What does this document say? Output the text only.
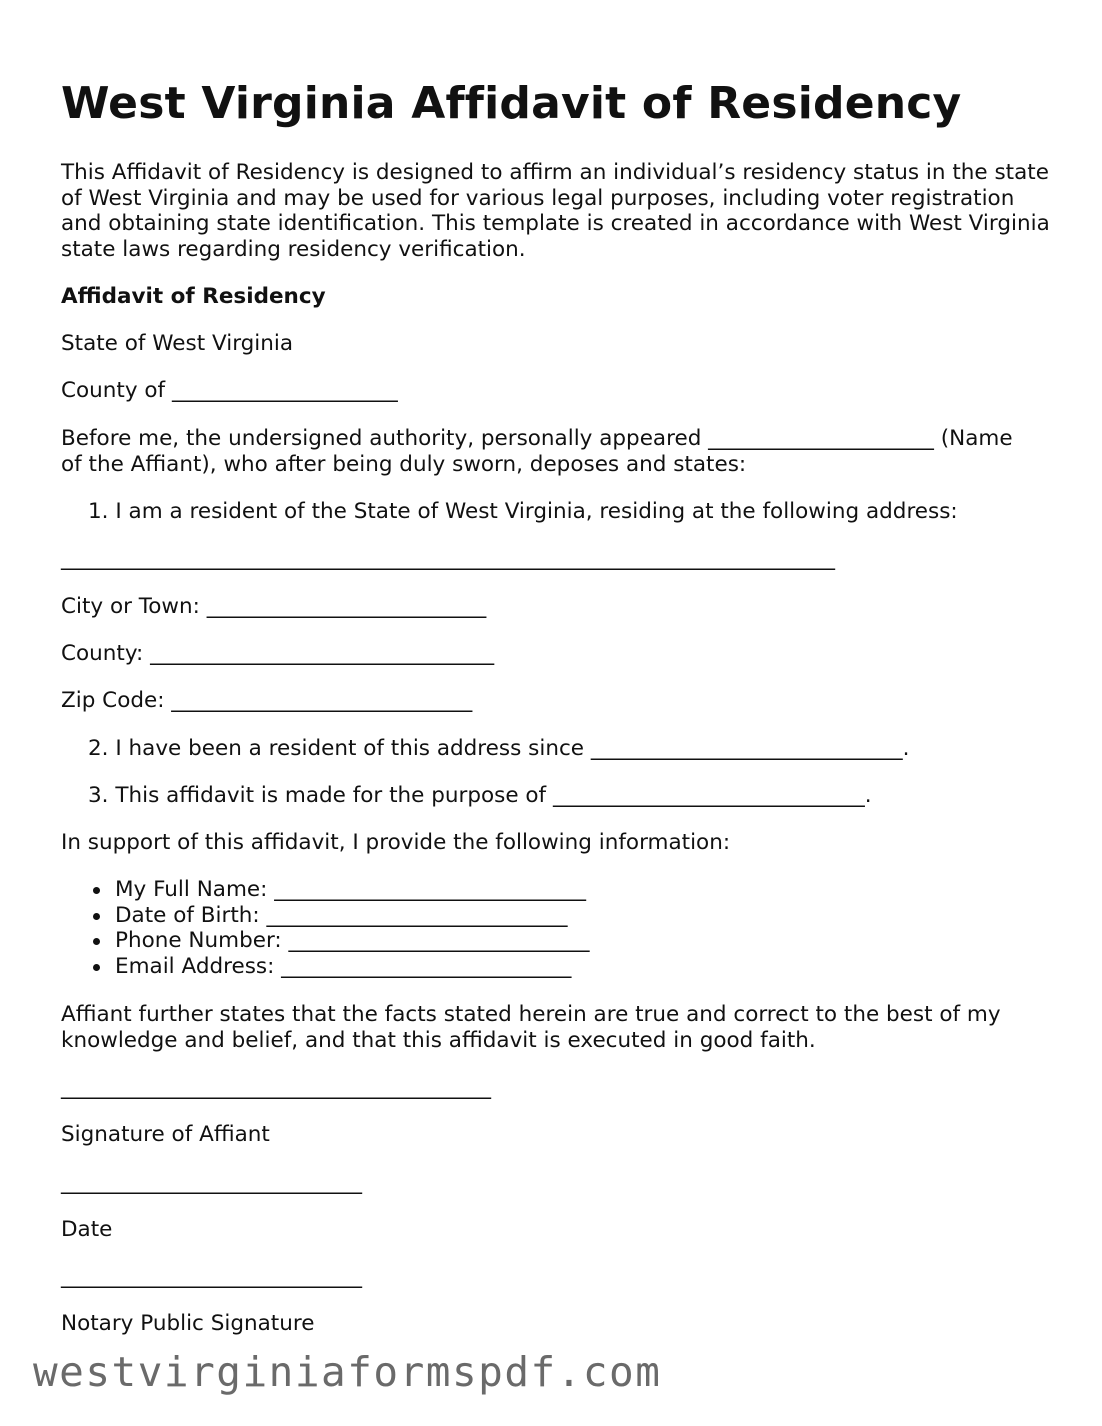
West Virginia Affidavit of Residency

This Affidavit of Residency is designed to affirm an individual’s residency status in the state of West Virginia and may be used for various legal purposes, including voter registration and obtaining state identification. This template is created in accordance with West Virginia state laws regarding residency verification.

Affidavit of Residency

State of West Virginia

County of _____________________

Before me, the undersigned authority, personally appeared _____________________ (Name

of the Affiant), who after being duly sworn, deposes and states:

1. I am a resident of the State of West Virginia, residing at the following address:

________________________________________________________________________

City or Town: __________________________

County: ________________________________

Zip Code: ____________________________

2. I have been a resident of this address since _____________________________.

3. This affidavit is made for the purpose of _____________________________.

In support of this affidavit, I provide the following information:

My Full Name: _____________________________
Date of Birth: ____________________________
Phone Number: ____________________________
Email Address: ___________________________

Affiant further states that the facts stated herein are true and correct to the best of my

knowledge and belief, and that this affidavit is executed in good faith.

________________________________________

Signature of Affiant

____________________________

Date

____________________________

Notary Public Signature

westvirginiaformspdf.com
